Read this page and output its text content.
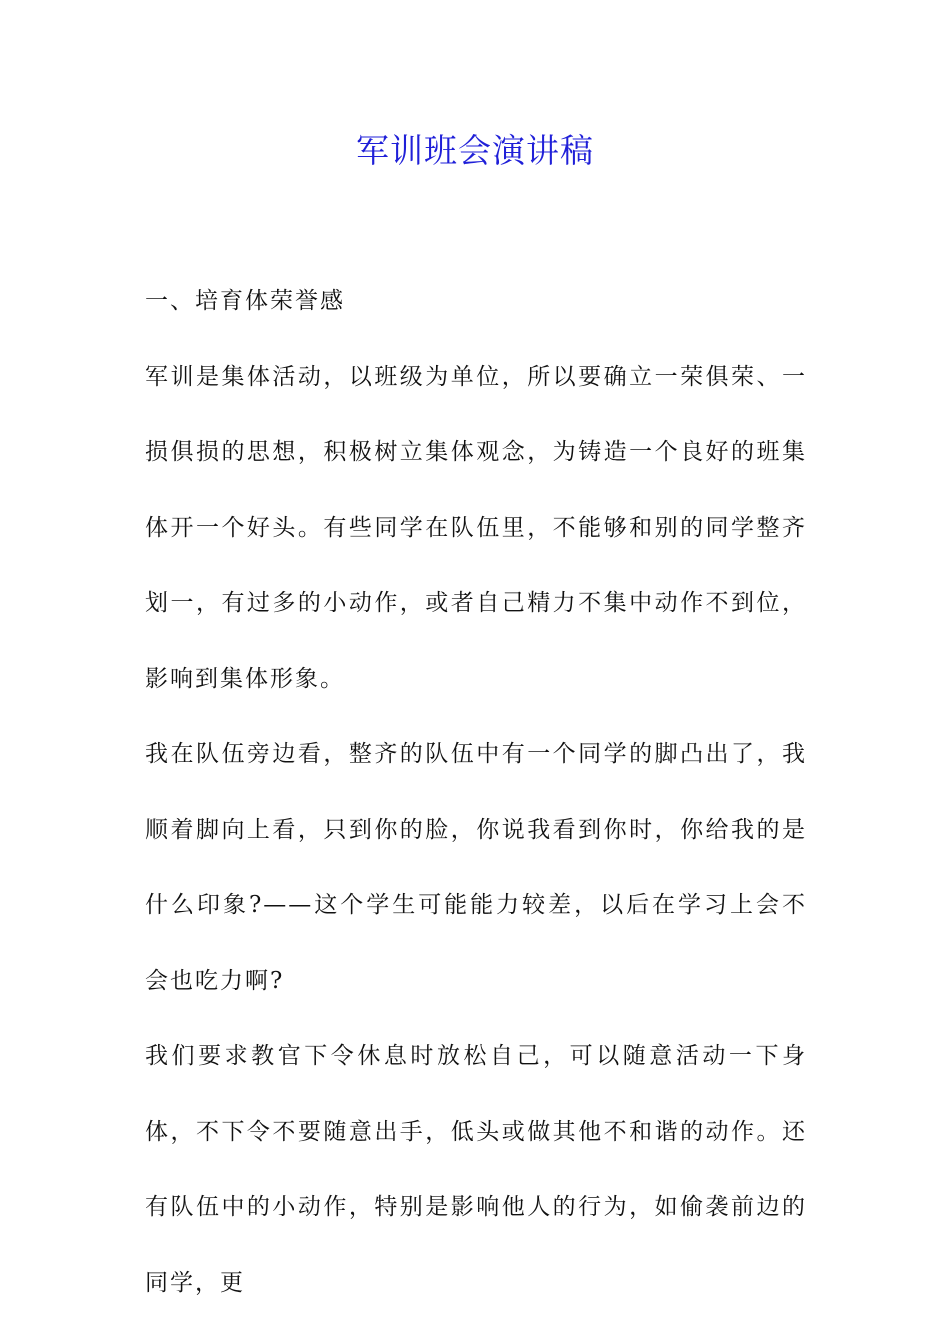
军训班会演讲稿

一、培育体荣誉感

军训是集体活动，以班级为单位，所以要确立一荣俱荣、一损俱损的思想，积极树立集体观念，为铸造一个良好的班集体开一个好头。有些同学在队伍里，不能够和别的同学整齐划一，有过多的小动作，或者自己精力不集中动作不到位，影响到集体形象。

我在队伍旁边看，整齐的队伍中有一个同学的脚凸出了，我顺着脚向上看，只到你的脸，你说我看到你时，你给我的是什么印象?——这个学生可能能力较差，以后在学习上会不会也吃力啊?

我们要求教官下令休息时放松自己，可以随意活动一下身体，不下令不要随意出手，低头或做其他不和谐的动作。还有队伍中的小动作，特别是影响他人的行为，如偷袭前边的同学，更
